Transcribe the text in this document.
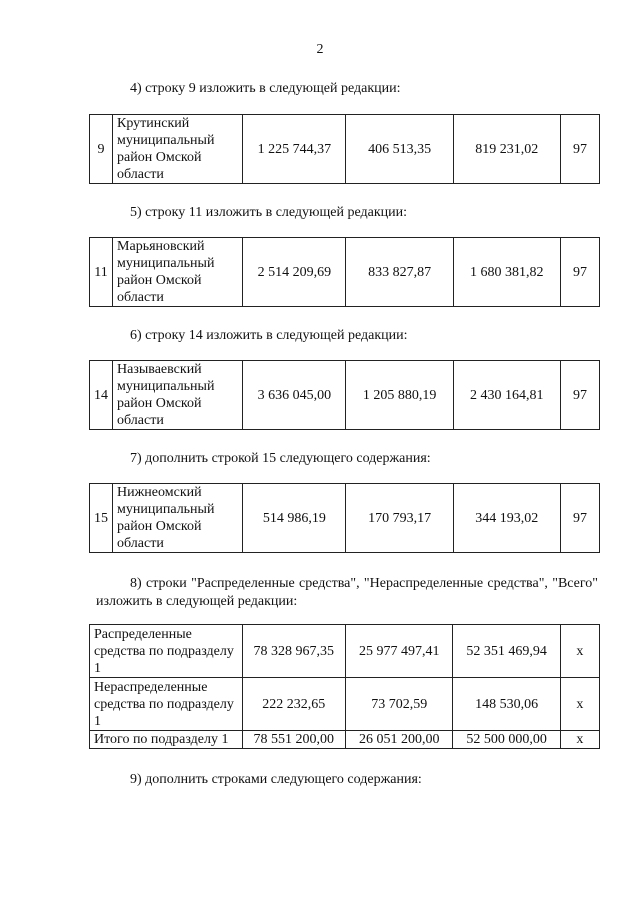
2
4) строку 9 изложить в следующей редакции:
9	Крутинский муниципальный район Омской области	1 225 744,37	406 513,35	819 231,02	97
5) строку 11 изложить в следующей редакции:
11	Марьяновский муниципальный район Омской области	2 514 209,69	833 827,87	1 680 381,82	97
6) строку 14 изложить в следующей редакции:
14	Называевский муниципальный район Омской области	3 636 045,00	1 205 880,19	2 430 164,81	97
7) дополнить строкой 15 следующего содержания:
15	Нижнеомский муниципальный район Омской области	514 986,19	170 793,17	344 193,02	97
8) строки "Распределенные средства", "Нераспределенные средства", "Всего" изложить в следующей редакции:
Распределенные средства по подразделу 1	78 328 967,35	25 977 497,41	52 351 469,94	x
Нераспределенные средства по подразделу 1	222 232,65	73 702,59	148 530,06	x
Итого по подразделу 1	78 551 200,00	26 051 200,00	52 500 000,00	x
9) дополнить строками следующего содержания:
